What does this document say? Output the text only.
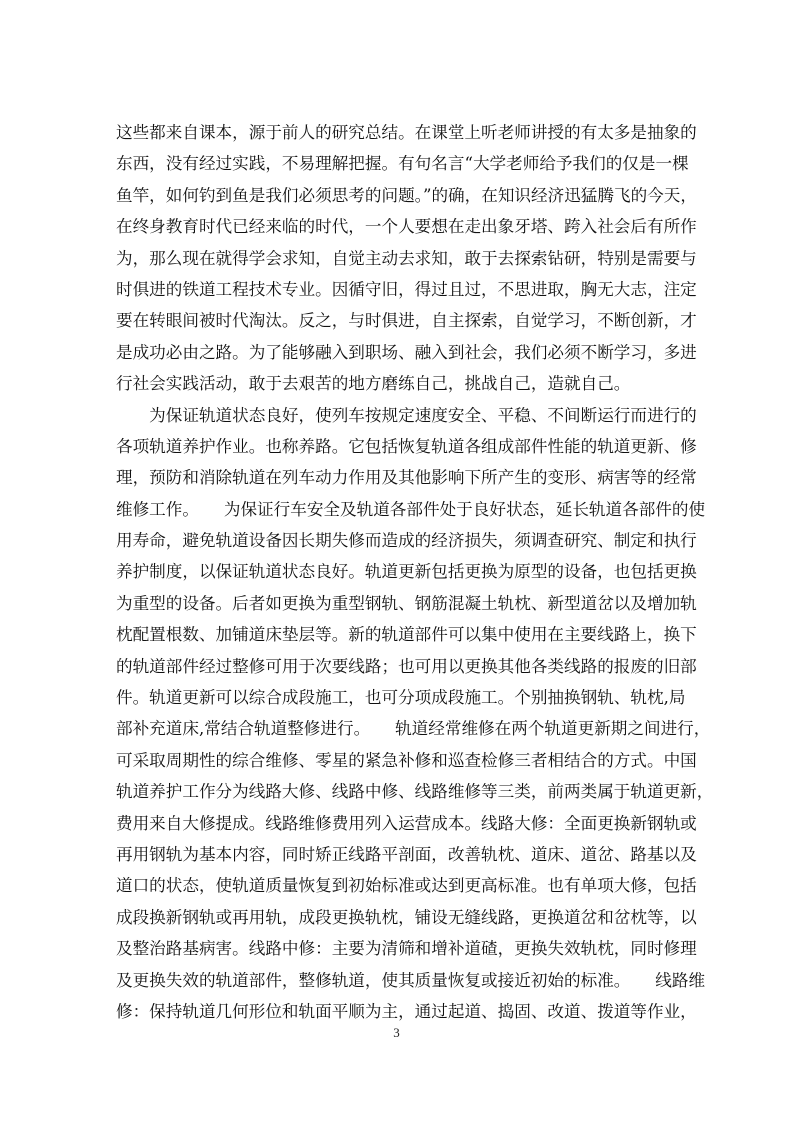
这些都来自课本，源于前人的研究总结。在课堂上听老师讲授的有太多是抽象的
东西，没有经过实践，不易理解把握。有句名言“大学老师给予我们的仅是一棵
鱼竿，如何钓到鱼是我们必须思考的问题。”的确，在知识经济迅猛腾飞的今天，
在终身教育时代已经来临的时代，一个人要想在走出象牙塔、跨入社会后有所作
为，那么现在就得学会求知，自觉主动去求知，敢于去探索钻研，特别是需要与
时俱进的铁道工程技术专业。因循守旧，得过且过，不思进取，胸无大志，注定
要在转眼间被时代淘汰。反之，与时俱进，自主探索，自觉学习，不断创新，才
是成功必由之路。为了能够融入到职场、融入到社会，我们必须不断学习，多进
行社会实践活动，敢于去艰苦的地方磨练自己，挑战自己，造就自己。
　　为保证轨道状态良好，使列车按规定速度安全、平稳、不间断运行而进行的
各项轨道养护作业。也称养路。它包括恢复轨道各组成部件性能的轨道更新、修
理，预防和消除轨道在列车动力作用及其他影响下所产生的变形、病害等的经常
维修工作。　　为保证行车安全及轨道各部件处于良好状态，延长轨道各部件的使
用寿命，避免轨道设备因长期失修而造成的经济损失，须调查研究、制定和执行
养护制度，以保证轨道状态良好。轨道更新包括更换为原型的设备，也包括更换
为重型的设备。后者如更换为重型钢轨、钢筋混凝土轨枕、新型道岔以及增加轨
枕配置根数、加铺道床垫层等。新的轨道部件可以集中使用在主要线路上，换下
的轨道部件经过整修可用于次要线路；也可用以更换其他各类线路的报废的旧部
件。轨道更新可以综合成段施工，也可分项成段施工。个别抽换钢轨、轨枕,局
部补充道床,常结合轨道整修进行。　　轨道经常维修在两个轨道更新期之间进行，
可采取周期性的综合维修、零星的紧急补修和巡查检修三者相结合的方式。中国
轨道养护工作分为线路大修、线路中修、线路维修等三类，前两类属于轨道更新，
费用来自大修提成。线路维修费用列入运营成本。线路大修：全面更换新钢轨或
再用钢轨为基本内容，同时矫正线路平剖面，改善轨枕、道床、道岔、路基以及
道口的状态，使轨道质量恢复到初始标准或达到更高标准。也有单项大修，包括
成段换新钢轨或再用轨，成段更换轨枕，铺设无缝线路，更换道岔和岔枕等，以
及整治路基病害。线路中修：主要为清筛和增补道碴，更换失效轨枕，同时修理
及更换失效的轨道部件，整修轨道，使其质量恢复或接近初始的标准。　　线路维
修：保持轨道几何形位和轨面平顺为主，通过起道、捣固、改道、拨道等作业，
3
